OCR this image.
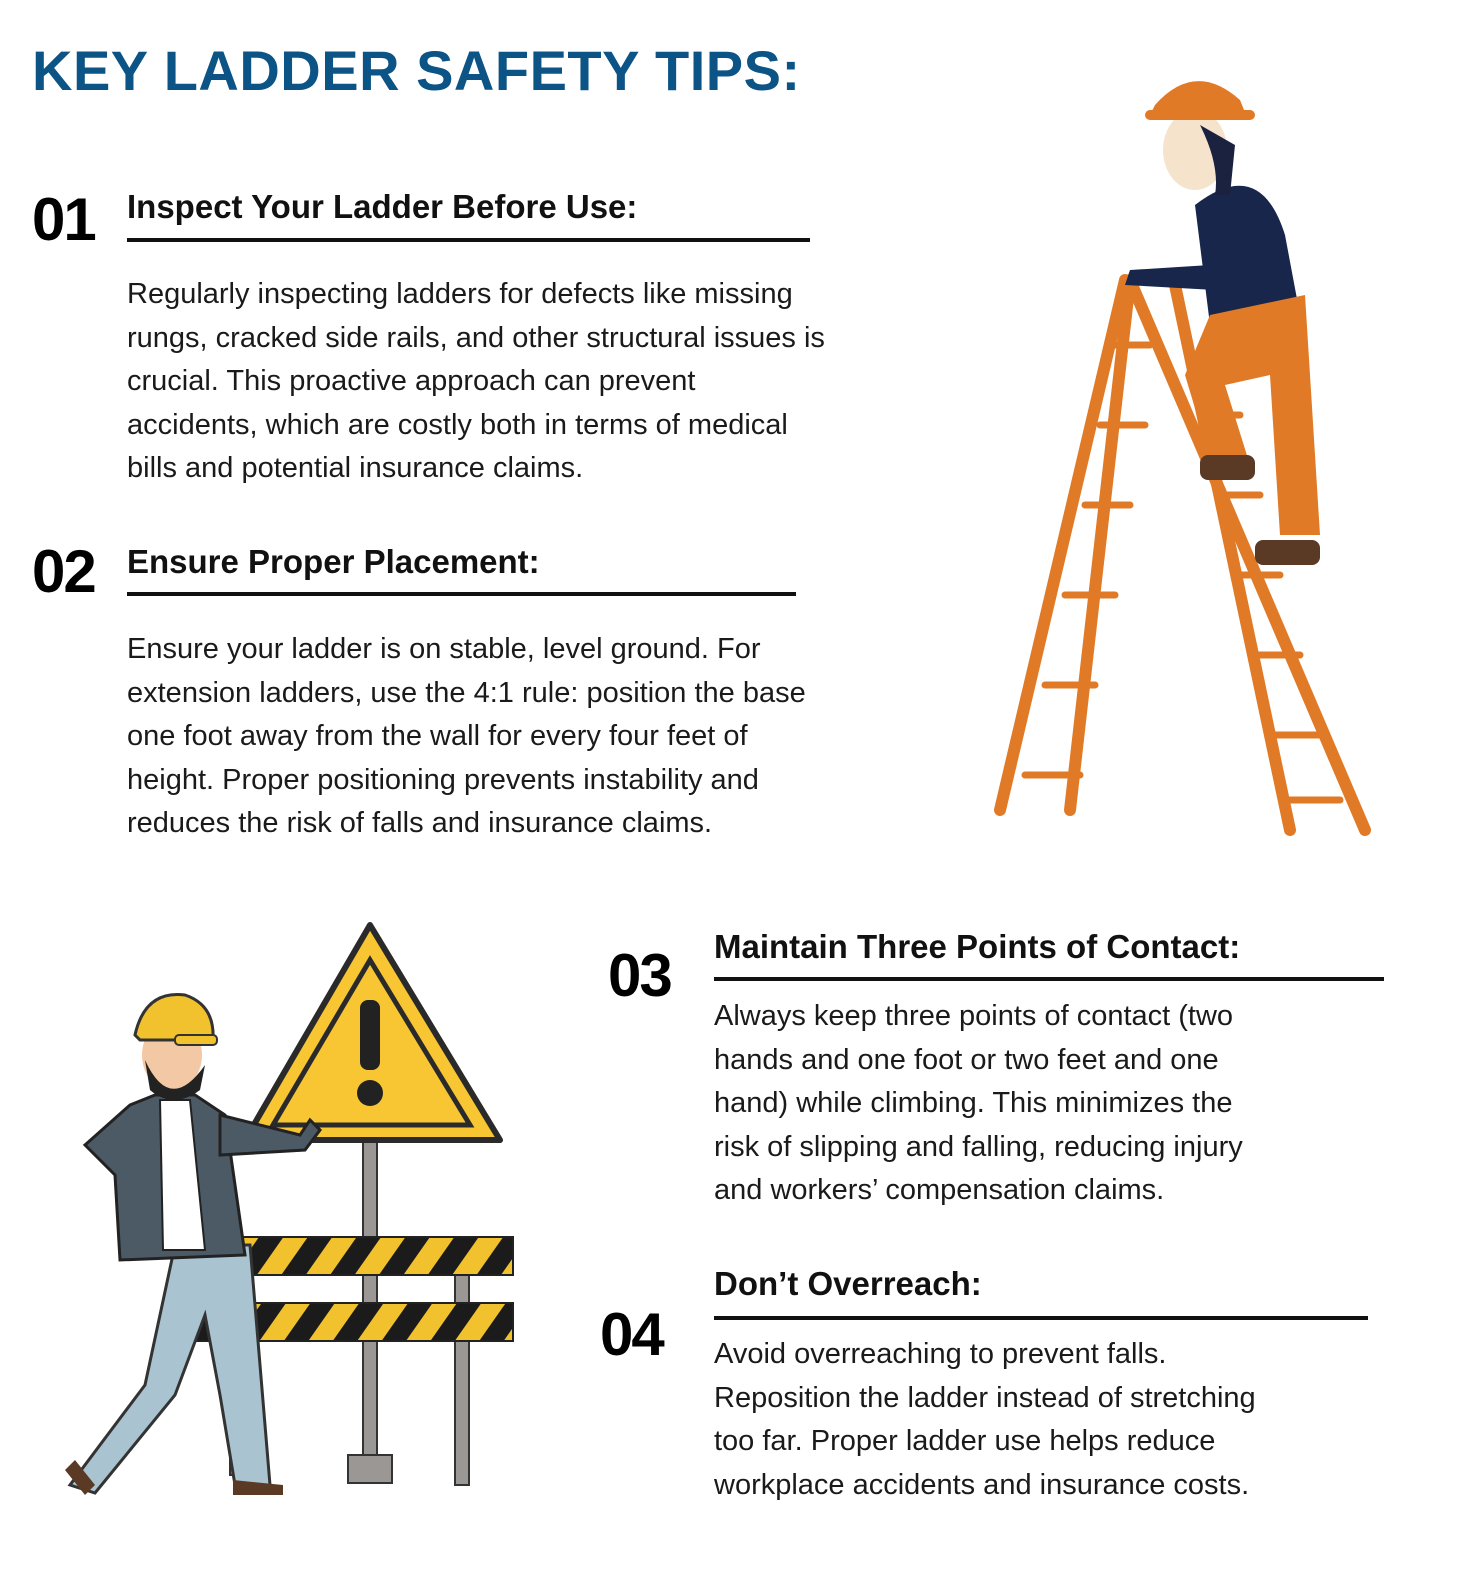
KEY LADDER SAFETY TIPS:
01 Inspect Your Ladder Before Use:
Regularly inspecting ladders for defects like missing
rungs, cracked side rails, and other structural issues is
crucial. This proactive approach can prevent
accidents, which are costly both in terms of medical
bills and potential insurance claims.
02 Ensure Proper Placement:
Ensure your ladder is on stable, level ground. For
extension ladders, use the 4:1 rule: position the base
one foot away from the wall for every four feet of
height. Proper positioning prevents instability and
reduces the risk of falls and insurance claims.
03 Maintain Three Points of Contact:
Always keep three points of contact (two
hands and one foot or two feet and one
hand) while climbing. This minimizes the
risk of slipping and falling, reducing injury
and workers’ compensation claims.
04
Don’t Overreach:
Avoid overreaching to prevent falls.
Reposition the ladder instead of stretching
too far. Proper ladder use helps reduce
workplace accidents and insurance costs.
